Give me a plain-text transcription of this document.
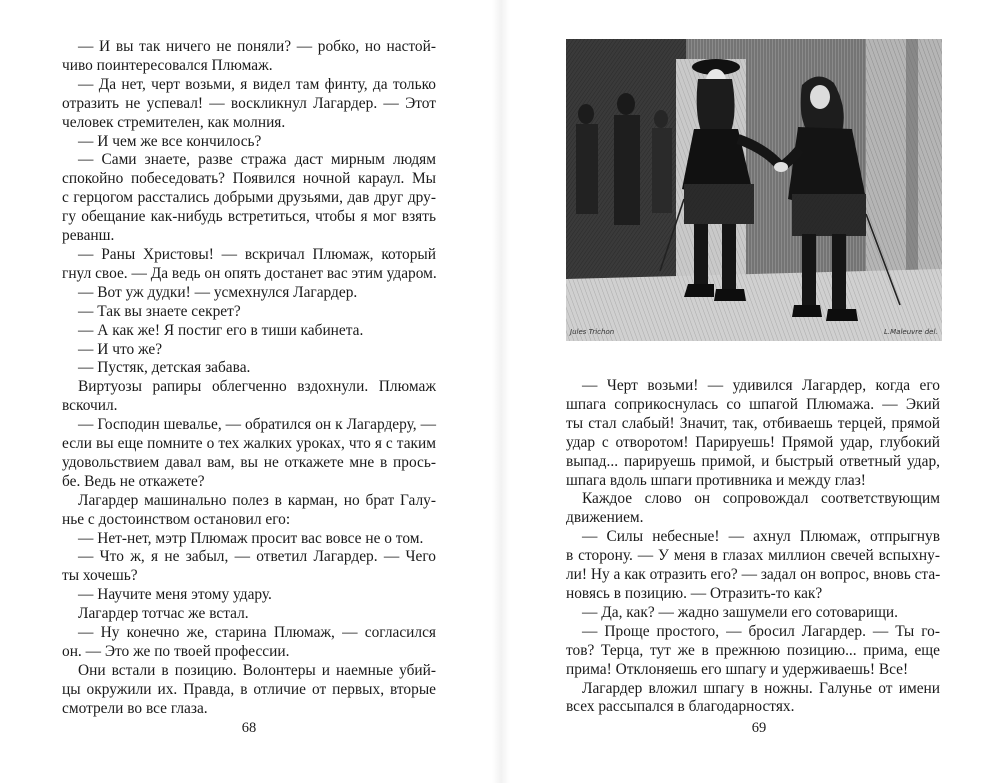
— И вы так ничего не поняли? — робко, но настой-
чиво поинтересовался Плюмаж.
— Да нет, черт возьми, я видел там финту, да только
отразить не успевал! — воскликнул Лагардер. — Этот
человек стремителен, как молния.
— И чем же все кончилось?
— Сами знаете, разве стража даст мирным людям
спокойно побеседовать? Появился ночной караул. Мы
с герцогом расстались добрыми друзьями, дав друг дру-
гу обещание как-нибудь встретиться, чтобы я мог взять
реванш.
— Раны Христовы! — вскричал Плюмаж, который
гнул свое. — Да ведь он опять достанет вас этим ударом.
— Вот уж дудки! — усмехнулся Лагардер.
— Так вы знаете секрет?
— А как же! Я постиг его в тиши кабинета.
— И что же?
— Пустяк, детская забава.
Виртуозы рапиры облегченно вздохнули. Плюмаж
вскочил.
— Господин шевалье, — обратился он к Лагардеру, —
если вы еще помните о тех жалких уроках, что я с таким
удовольствием давал вам, вы не откажете мне в прось-
бе. Ведь не откажете?
Лагардер машинально полез в карман, но брат Галу-
нье с достоинством остановил его:
— Нет-нет, мэтр Плюмаж просит вас вовсе не о том.
— Что ж, я не забыл, — ответил Лагардер. — Чего
ты хочешь?
— Научите меня этому удару.
Лагардер тотчас же встал.
— Ну конечно же, старина Плюмаж, — согласился
он. — Это же по твоей профессии.
Они встали в позицию. Волонтеры и наемные убий-
цы окружили их. Правда, в отличие от первых, вторые
смотрели во все глаза.
68
Jules Trichon	L.Maleuvre del.
— Черт возьми! — удивился Лагардер, когда его
шпага соприкоснулась со шпагой Плюмажа. — Экий
ты стал слабый! Значит, так, отбиваешь терцей, прямой
удар с отворотом! Парируешь! Прямой удар, глубокий
выпад... парируешь примой, и быстрый ответный удар,
шпага вдоль шпаги противника и между глаз!
Каждое слово он сопровождал соответствующим
движением.
— Силы небесные! — ахнул Плюмаж, отпрыгнув
в сторону. — У меня в глазах миллион свечей вспыхну-
ли! Ну а как отразить его? — задал он вопрос, вновь ста-
новясь в позицию. — Отразить-то как?
— Да, как? — жадно зашумели его сотоварищи.
— Проще простого, — бросил Лагардер. — Ты го-
тов? Терца, тут же в прежнюю позицию... прима, еще
прима! Отклоняешь его шпагу и удерживаешь! Все!
Лагардер вложил шпагу в ножны. Галунье от имени
всех рассыпался в благодарностях.
69
